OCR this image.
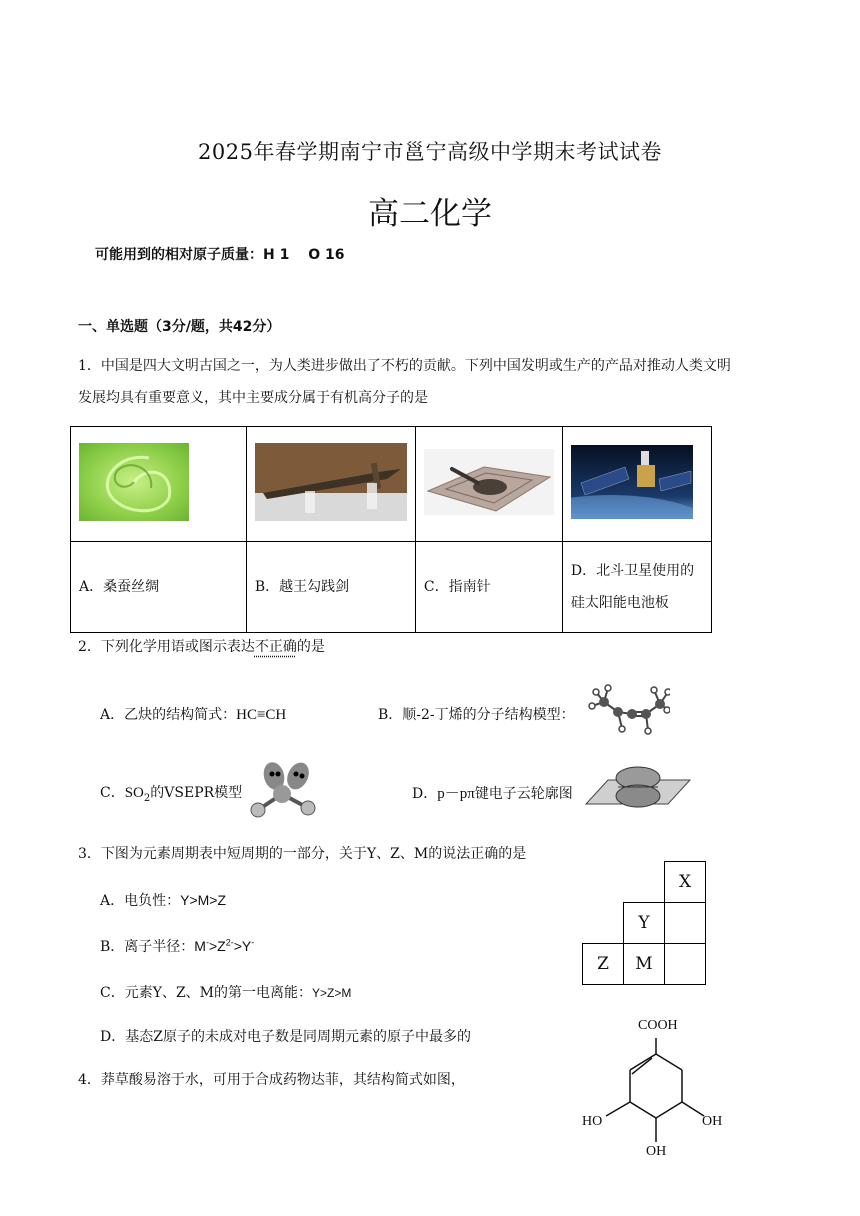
2025年春学期南宁市邕宁高级中学期末考试试卷
高二化学
可能用到的相对原子质量：H 1　 O 16
一、单选题（3分/题，共42分）
1．中国是四大文明古国之一，为人类进步做出了不朽的贡献。下列中国发明或生产的产品对推动人类文明
发展均具有重要意义，其中主要成分属于有机高分子的是

A．桑蚕丝绸	B．越王勾践剑	C．指南针	D．北斗卫星使用的
硅太阳能电池板
2．下列化学用语或图示表达不正确的是
A．乙炔的结构简式：HC≡CH	B．顺-2-丁烯的分子结构模型：
C．$SO_2$的VSEPR模型	D．p－pπ键电子云轮廓图
3．下图为元素周期表中短周期的一部分，关于Y、Z、M的说法正确的是
A．电负性：Y>M>Z
B．离子半径：$M^->Z^{2-}>Y^-$
C．元素Y、Z、M的第一电离能：Y>Z>M
D．基态Z原子的未成对电子数是同周期元素的原子中最多的
		X
	Y	
Z	M	
4．莽草酸易溶于水，可用于合成药物达菲，其结构简式如图，
COOH
HO	OH
OH
